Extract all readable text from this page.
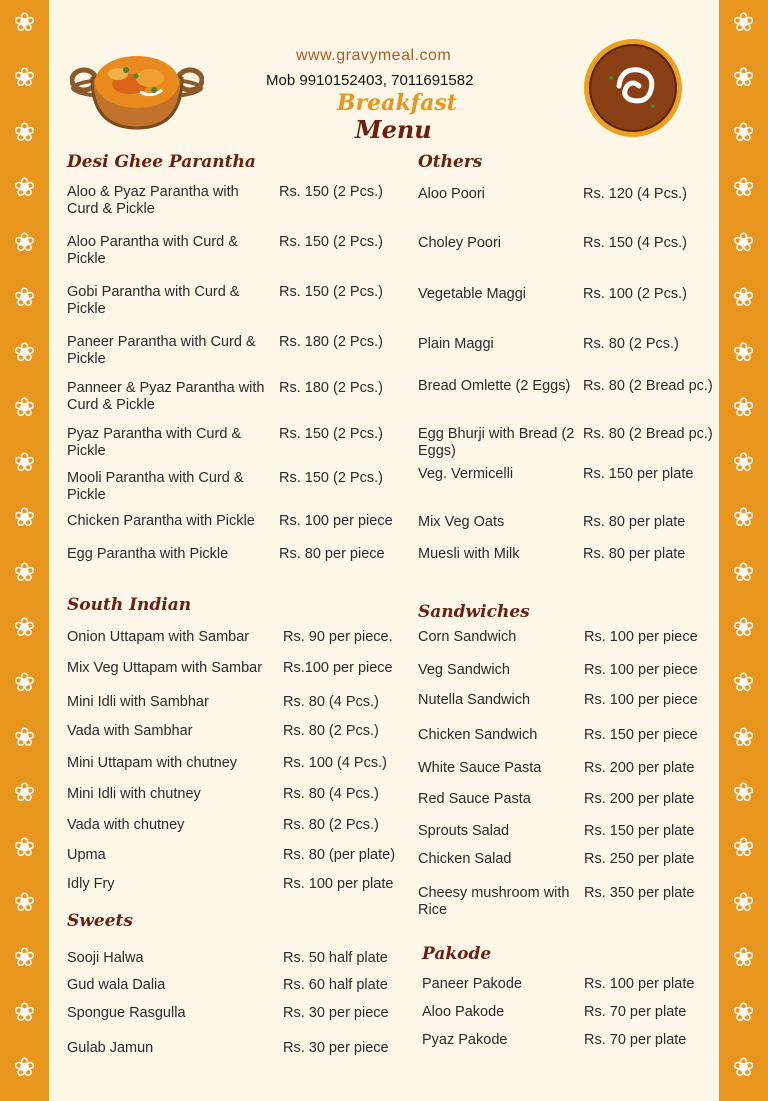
❀
❀
❀
❀
❀
❀
❀
❀
❀
❀
❀
❀
❀
❀
❀
❀
❀
❀
❀
❀
❀
❀
❀
❀
❀
❀
❀
❀
❀
❀
❀
❀
❀
❀
❀
❀
❀
❀
❀
❀
www.gravymeal.com
Mob 9910152403, 7011691582
Breakfast
Menu
Desi Ghee Parantha
Aloo & Pyaz Parantha with Curd & Pickle
Rs. 150 (2 Pcs.)
Aloo Parantha with Curd & Pickle
Rs. 150 (2 Pcs.)
Gobi Parantha with Curd & Pickle
Rs. 150 (2 Pcs.)
Paneer Parantha with Curd & Pickle
Rs. 180 (2 Pcs.)
Panneer & Pyaz Parantha with Curd & Pickle
Rs. 180 (2 Pcs.)
Pyaz Parantha with Curd & Pickle
Rs. 150 (2 Pcs.)
Mooli Parantha with Curd & Pickle
Rs. 150 (2 Pcs.)
Chicken Parantha with Pickle	Rs. 100 per piece
Egg Parantha with Pickle	Rs. 80 per piece
Others
Aloo Poori	Rs. 120 (4 Pcs.)
Choley Poori	Rs. 150 (4 Pcs.)
Vegetable Maggi	Rs. 100 (2 Pcs.)
Plain Maggi	Rs. 80 (2 Pcs.)
Bread Omlette (2 Eggs) Rs. 80 (2 Bread pc.)
Egg Bhurji with Bread (2 Eggs)
Rs. 80 (2 Bread pc.)
Veg. Vermicelli	Rs. 150 per plate
Mix Veg Oats	Rs. 80 per plate
Muesli with Milk	Rs. 80 per plate
South Indian
Onion Uttapam with Sambar	Rs. 90 per piece.
Mix Veg Uttapam with Sambar	Rs.100 per piece
Mini Idli with Sambhar	Rs. 80 (4 Pcs.)
Vada with Sambhar	Rs. 80 (2 Pcs.)
Mini Uttapam with chutney	Rs. 100 (4 Pcs.)
Mini Idli with chutney	Rs. 80 (4 Pcs.)
Vada with chutney	Rs. 80 (2 Pcs.)
Upma	Rs. 80 (per plate)
Idly Fry	Rs. 100 per plate
Sandwiches
Corn Sandwich	Rs. 100 per piece
Veg Sandwich	Rs. 100 per piece
Nutella Sandwich	Rs. 100 per piece
Chicken Sandwich	Rs. 150 per piece
White Sauce Pasta	Rs. 200 per plate
Red Sauce Pasta	Rs. 200 per plate
Sprouts Salad	Rs. 150 per plate
Chicken Salad	Rs. 250 per plate
Cheesy mushroom with Rice
Rs. 350 per plate
Sweets
Sooji Halwa	Rs. 50 half plate
Gud wala Dalia	Rs. 60 half plate
Spongue Rasgulla	Rs. 30 per piece
Gulab Jamun	Rs. 30 per piece
Pakode
Paneer Pakode	Rs. 100 per plate
Aloo Pakode	Rs. 70 per plate
Pyaz Pakode	Rs. 70 per plate
